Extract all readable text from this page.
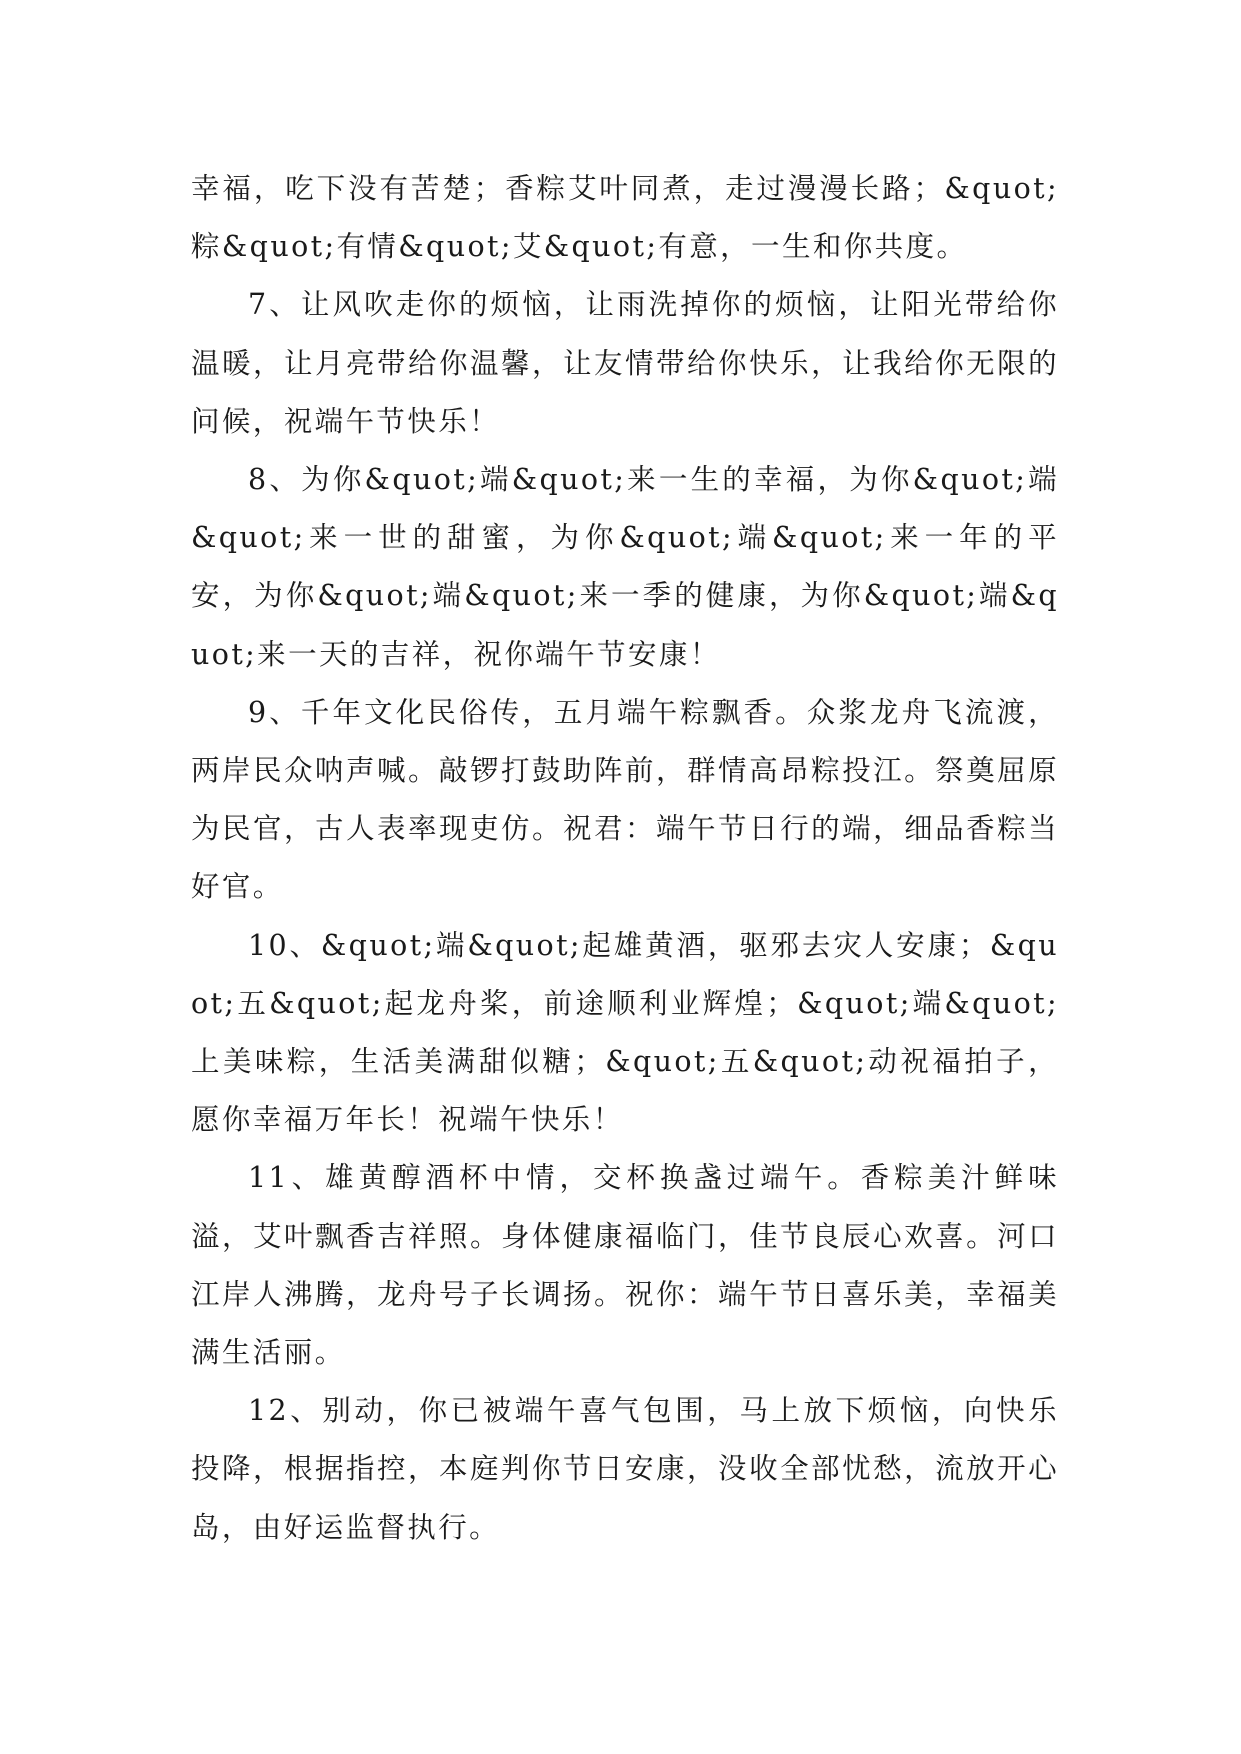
幸福，吃下没有苦楚；香粽艾叶同煮，走过漫漫长路；&quot;粽&quot;有情&quot;艾&quot;有意，一生和你共度。

7、让风吹走你的烦恼，让雨洗掉你的烦恼，让阳光带给你温暖，让月亮带给你温馨，让友情带给你快乐，让我给你无限的问候，祝端午节快乐！

8、为你&quot;端&quot;来一生的幸福，为你&quot;端&quot;来一世的甜蜜，为你&quot;端&quot;来一年的平安，为你&quot;端&quot;来一季的健康，为你&quot;端&quot;来一天的吉祥，祝你端午节安康！

9、千年文化民俗传，五月端午粽飘香。众浆龙舟飞流渡，两岸民众呐声喊。敲锣打鼓助阵前，群情高昂粽投江。祭奠屈原为民官，古人表率现吏仿。祝君：端午节日行的端，细品香粽当好官。

10、&quot;端&quot;起雄黄酒，驱邪去灾人安康；&quot;五&quot;起龙舟桨，前途顺利业辉煌；&quot;端&quot;上美味粽，生活美满甜似糖；&quot;五&quot;动祝福拍子，愿你幸福万年长！祝端午快乐！

11、雄黄醇酒杯中情，交杯换盏过端午。香粽美汁鲜味溢，艾叶飘香吉祥照。身体健康福临门，佳节良辰心欢喜。河口江岸人沸腾，龙舟号子长调扬。祝你：端午节日喜乐美，幸福美满生活丽。

12、别动，你已被端午喜气包围，马上放下烦恼，向快乐投降，根据指控，本庭判你节日安康，没收全部忧愁，流放开心岛，由好运监督执行。
